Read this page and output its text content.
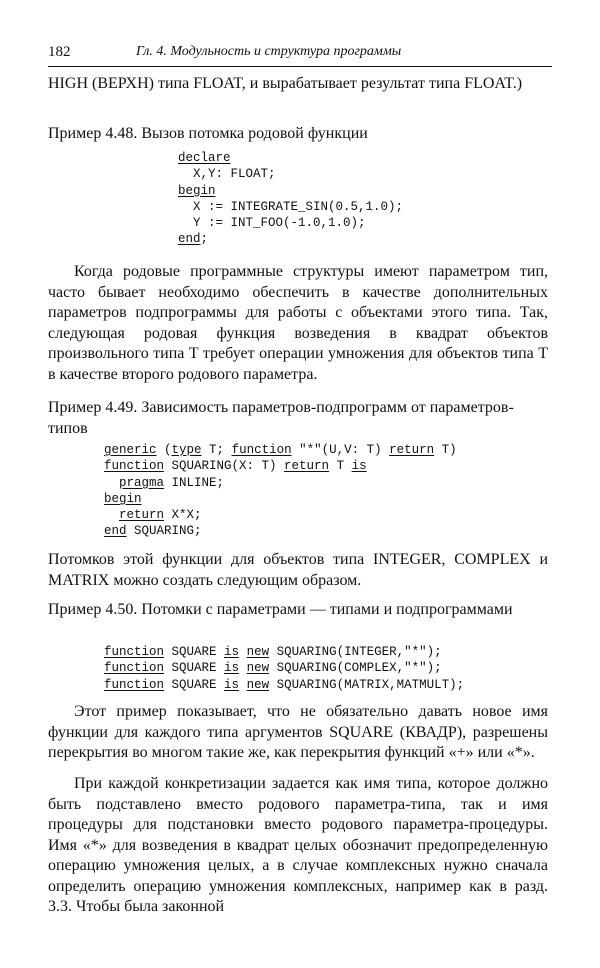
182	Гл. 4. Модульность и структура программы

HIGH (ВЕРХН) типа FLOAT, и вырабатывает результат типа FLOAT.)

Пример 4.48. Вызов потомка родовой функции

declare
X,Y: FLOAT;
begin
X := INTEGRATE_SIN(0.5,1.0);
Y := INT_FOO(-1.0,1.0);
end;

Когда родовые программные структуры имеют параметром тип, часто бывает необходимо обеспечить в качестве дополнительных параметров подпрограммы для работы с объектами этого типа. Так, следующая родовая функция возведения в квадрат объектов произвольного типа T требует операции умножения для объектов типа T в качестве второго родового параметра.

Пример 4.49. Зависимость параметров-подпрограмм от параметров-типов

generic (type T; function "*"(U,V: T) return T)
function SQUARING(X: T) return T is
pragma INLINE;
begin
return X*X;
end SQUARING;

Потомков этой функции для объектов типа INTEGER, COMPLEX и MATRIX можно создать следующим образом.

Пример 4.50. Потомки с параметрами — типами и подпрограммами

function SQUARE is new SQUARING(INTEGER,"*");
function SQUARE is new SQUARING(COMPLEX,"*");
function SQUARE is new SQUARING(MATRIX,MATMULT);

Этот пример показывает, что не обязательно давать новое имя функции для каждого типа аргументов SQUARE (КВАДР), разрешены перекрытия во многом такие же, как перекрытия функций «+» или «*».

При каждой конкретизации задается как имя типа, которое должно быть подставлено вместо родового параметра-типа, так и имя процедуры для подстановки вместо родового параметра-процедуры. Имя «*» для возведения в квадрат целых обозначит предопределенную операцию умножения целых, а в случае комплексных нужно сначала определить операцию умножения комплексных, например как в разд. 3.3. Чтобы была законной
